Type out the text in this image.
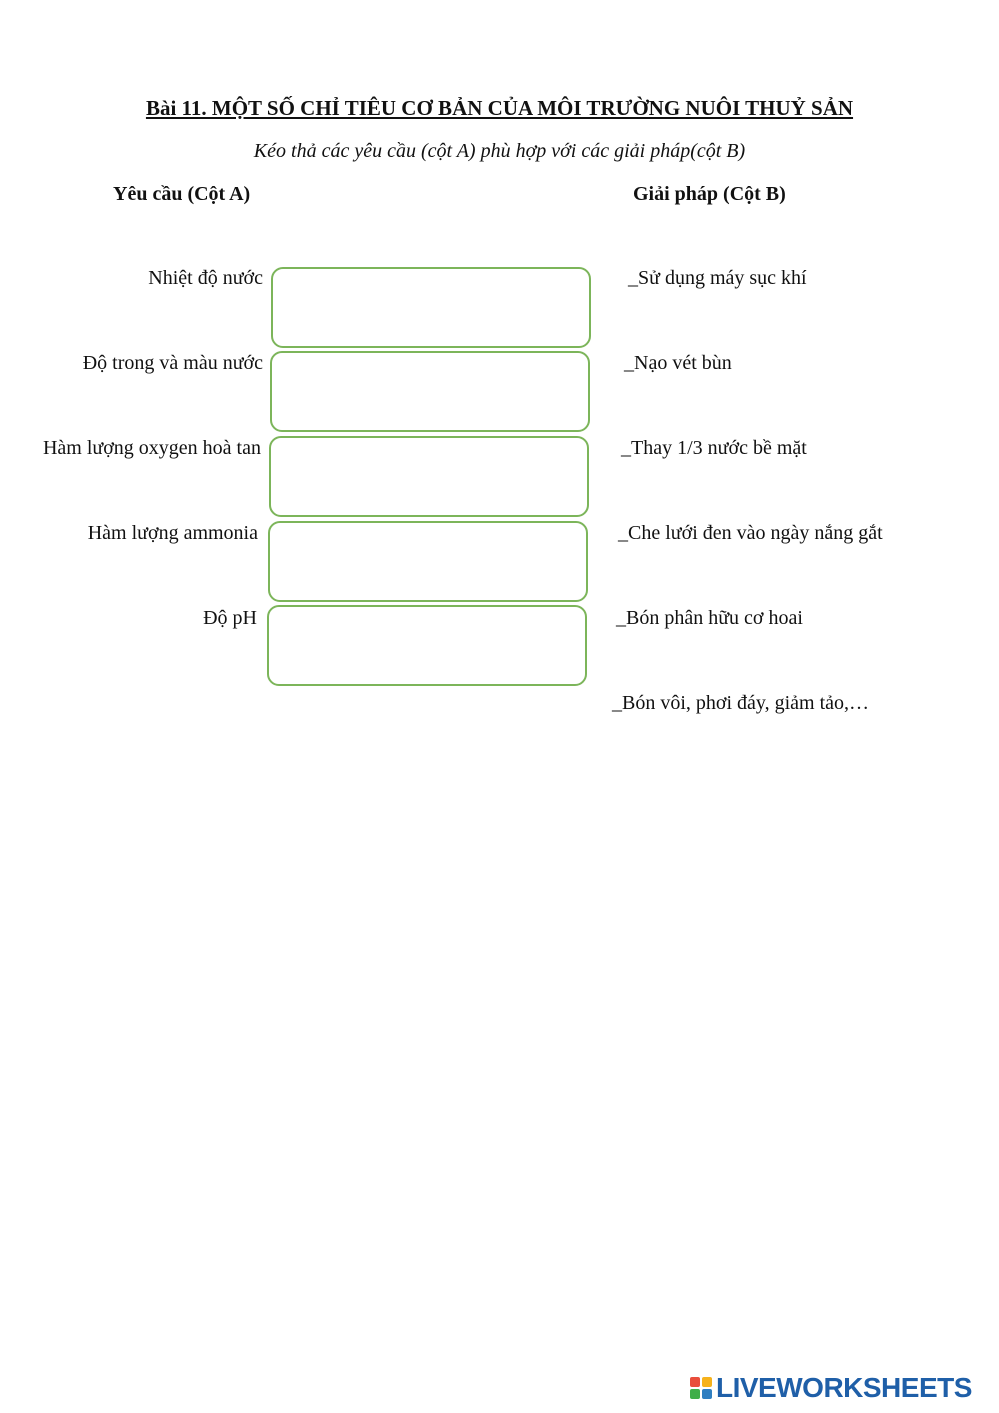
Bài 11. MỘT SỐ CHỈ TIÊU CƠ BẢN CỦA MÔI TRƯỜNG NUÔI THUỶ SẢN
Kéo thả các yêu cầu (cột A) phù hợp với các giải pháp(cột B)
Yêu cầu (Cột A)	Giải pháp (Cột B)
Nhiệt độ nước
Độ trong và màu nước
Hàm lượng oxygen hoà tan
Hàm lượng ammonia
Độ pH
_Sử dụng máy sục khí
_Nạo vét bùn
_Thay 1/3 nước bề mặt
_Che lưới đen vào ngày nắng gắt
_Bón phân hữu cơ hoai
_Bón vôi, phơi đáy, giảm tảo,…
LIVEWORKSHEETS
